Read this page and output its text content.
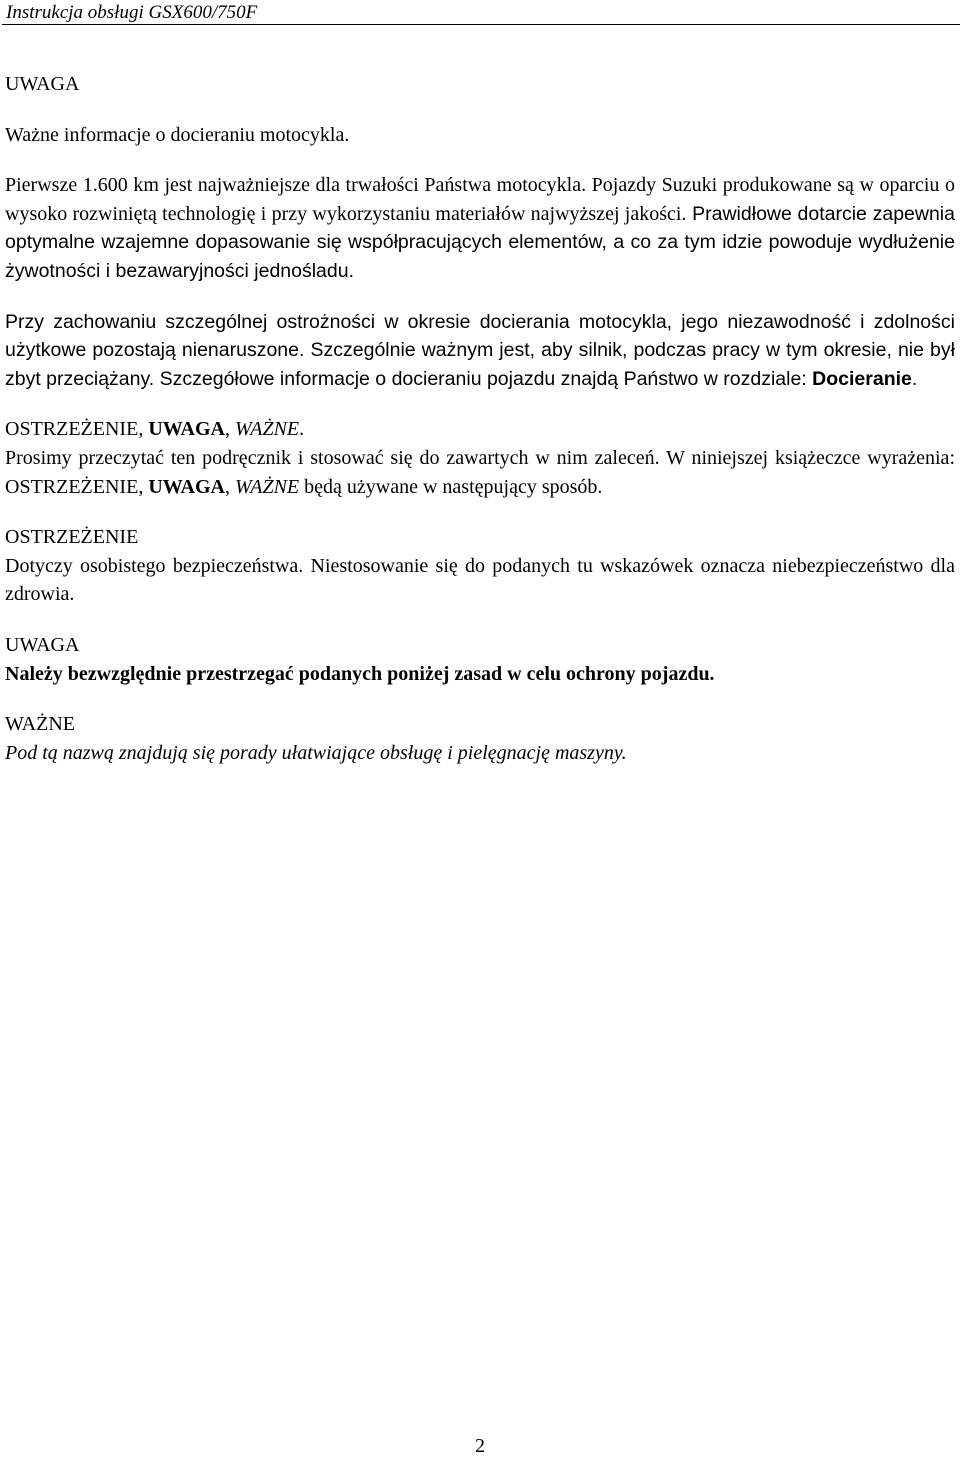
Instrukcja obsługi GSX600/750F

UWAGA

Ważne informacje o docieraniu motocykla.

Pierwsze 1.600 km jest najważniejsze dla trwałości Państwa motocykla. Pojazdy Suzuki produkowane są w oparciu o wysoko rozwiniętą technologię i przy wykorzystaniu materiałów najwyższej jakości. Prawidłowe dotarcie zapewnia optymalne wzajemne dopasowanie się współpracujących elementów, a co za tym idzie powoduje wydłużenie żywotności i bezawaryjności jednośladu.

Przy zachowaniu szczególnej ostrożności w okresie docierania motocykla, jego niezawodność i zdolności użytkowe pozostają nienaruszone. Szczególnie ważnym jest, aby silnik, podczas pracy w tym okresie, nie był zbyt przeciążany. Szczegółowe informacje o docieraniu pojazdu znajdą Państwo w rozdziale: Docieranie.

OSTRZEŻENIE, UWAGA, WAŻNE.

Prosimy przeczytać ten podręcznik i stosować się do zawartych w nim zaleceń. W niniejszej książeczce wyrażenia: OSTRZEŻENIE, UWAGA, WAŻNE będą używane w następujący sposób.

OSTRZEŻENIE

Dotyczy osobistego bezpieczeństwa. Niestosowanie się do podanych tu wskazówek oznacza niebezpieczeństwo dla zdrowia.

UWAGA

Należy bezwzględnie przestrzegać podanych poniżej zasad w celu ochrony pojazdu.

WAŻNE

Pod tą nazwą znajdują się porady ułatwiające obsługę i pielęgnację maszyny.

2
